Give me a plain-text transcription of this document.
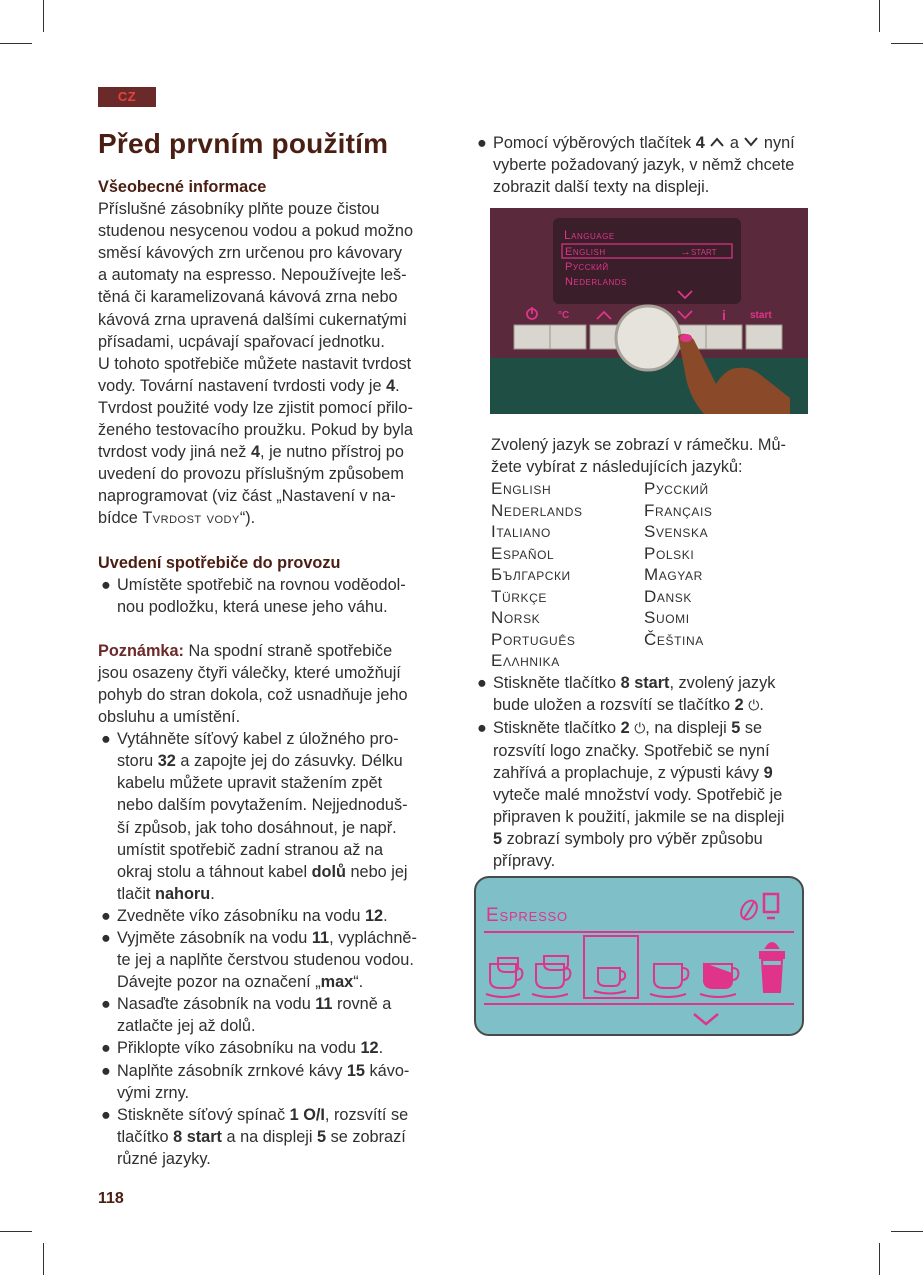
CZ
Před prvním použitím

Všeobecné informace

Příslušné zásobníky plňte pouze čistou

studenou nesycenou vodou a pokud možno

směsí kávových zrn určenou pro kávovary

a automaty na espresso. Nepoužívejte leš-

těná či karamelizovaná kávová zrna nebo

kávová zrna upravená dalšími cukernatými

přísadami, ucpávají spařovací jednotku.

U tohoto spotřebiče můžete nastavit tvrdost

vody. Tovární nastavení tvrdosti vody je 4.

Tvrdost použité vody lze zjistit pomocí přilo-

ženého testovacího proužku. Pokud by byla

tvrdost vody jiná než 4, je nutno přístroj po

uvedení do provozu příslušným způsobem

naprogramovat (viz část „Nastavení v na-

bídce Tvrdost vody“).

Uvedení spotřebiče do provozu

● Umístěte spotřebič na rovnou voděodol-

nou podložku, která unese jeho váhu.

Poznámka: Na spodní straně spotřebiče

jsou osazeny čtyři válečky, které umožňují

pohyb do stran dokola, což usnadňuje jeho

obsluhu a umístění.

● Vytáhněte síťový kabel z úložného pro-

storu 32 a zapojte jej do zásuvky. Délku

kabelu můžete upravit stažením zpět

nebo dalším povytažením. Nejjednoduš-

ší způsob, jak toho dosáhnout, je např.

umístit spotřebič zadní stranou až na

okraj stolu a táhnout kabel dolů nebo jej

tlačit nahoru.

● Zvedněte víko zásobníku na vodu 12.

● Vyjměte zásobník na vodu 11, vypláchně-

te jej a naplňte čerstvou studenou vodou.

Dávejte pozor na označení „max“.

● Nasaďte zásobník na vodu 11 rovně a

zatlačte jej až dolů.

● Přiklopte víko zásobníku na vodu 12.

● Naplňte zásobník zrnkové kávy 15 kávo-

vými zrny.

● Stiskněte síťový spínač 1 O/I, rozsvítí se

tlačítko 8 start a na displeji 5 se zobrazí

různé jazyky.

● Pomocí výběrových tlačítek 4  a  nyní

vyberte požadovaný jazyk, v němž chcete

zobrazit další texty na displeji.

Language
English	→start
Русский
Nederlands
°C	i start

Zvolený jazyk se zobrazí v rámečku. Mů-

žete vybírat z následujících jazyků:

English	Русский
Nederlands	Français
Italiano	Svenska
Español	Polski
Български	Magyar
Türkçe	Dansk
Norsk	Suomi
Português	Čeština
Ελληνικα
● Stiskněte tlačítko 8 start, zvolený jazyk

bude uložen a rozsvítí se tlačítko 2 ⏻.

● Stiskněte tlačítko 2 ⏻, na displeji 5 se

rozsvítí logo značky. Spotřebič se nyní

zahřívá a proplachuje, z výpusti kávy 9

vyteče malé množství vody. Spotřebič je

připraven k použití, jakmile se na displeji

5 zobrazí symboly pro výběr způsobu

přípravy.

Espresso
118
